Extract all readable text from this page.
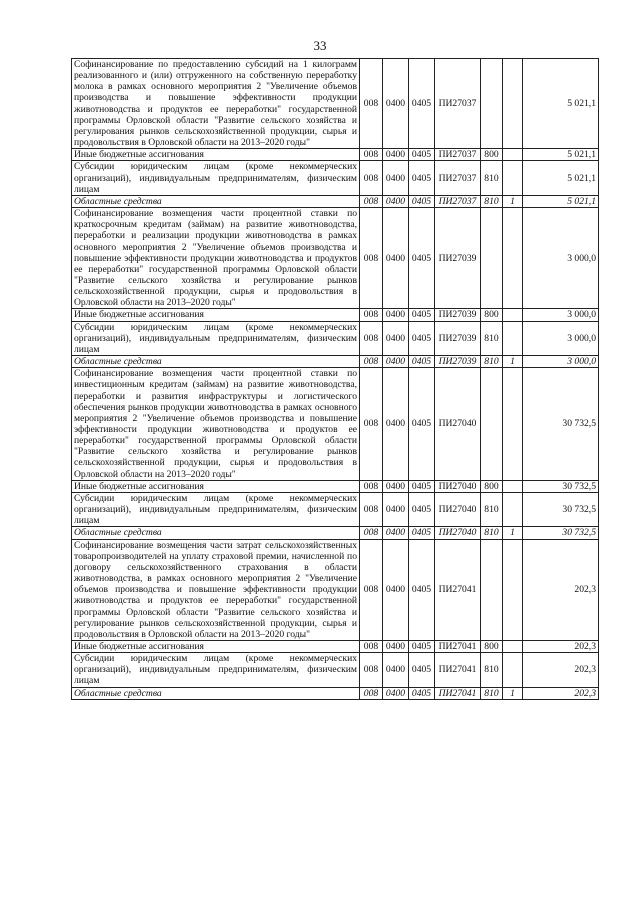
33
Софинансирование по предоставлению субсидий на 1 килограмм реализованного и (или) отгруженного на собственную переработку молока в рамках основного мероприятия 2 "Увеличение объемов производства и повышение эффективности продукции животноводства и продуктов ее переработки" государственной программы Орловской области "Развитие сельского хозяйства и регулирования рынков сельскохозяйственной продукции, сырья и продовольствия в Орловской области на 2013–2020 годы"	008	0400	0405	ПИ27037			5 021,1
Иные бюджетные ассигнования	008	0400	0405	ПИ27037	800		5 021,1
Субсидии юридическим лицам (кроме некоммерческих организаций), индивидуальным предпринимателям, физическим лицам	008	0400	0405	ПИ27037	810		5 021,1
Областные средства	008	0400	0405	ПИ27037	810	1	5 021,1
Софинансирование возмещения части процентной ставки по краткосрочным кредитам (займам) на развитие животноводства, переработки и реализации продукции животноводства в рамках основного мероприятия 2 "Увеличение объемов производства и повышение эффективности продукции животноводства и продуктов ее переработки" государственной программы Орловской области "Развитие сельского хозяйства и регулирование рынков сельскохозяйственной продукции, сырья и продовольствия в Орловской области на 2013–2020 годы"	008	0400	0405	ПИ27039			3 000,0
Иные бюджетные ассигнования	008	0400	0405	ПИ27039	800		3 000,0
Субсидии юридическим лицам (кроме некоммерческих организаций), индивидуальным предпринимателям, физическим лицам	008	0400	0405	ПИ27039	810		3 000,0
Областные средства	008	0400	0405	ПИ27039	810	1	3 000,0
Софинансирование возмещения части процентной ставки по инвестиционным кредитам (займам) на развитие животноводства, переработки и развития инфраструктуры и логистического обеспечения рынков продукции животноводства в рамках основного мероприятия 2 "Увеличение объемов производства и повышение эффективности продукции животноводства и продуктов ее переработки" государственной программы Орловской области "Развитие сельского хозяйства и регулирование рынков сельскохозяйственной продукции, сырья и продовольствия в Орловской области на 2013–2020 годы"	008	0400	0405	ПИ27040			30 732,5
Иные бюджетные ассигнования	008	0400	0405	ПИ27040	800		30 732,5
Субсидии юридическим лицам (кроме некоммерческих организаций), индивидуальным предпринимателям, физическим лицам	008	0400	0405	ПИ27040	810		30 732,5
Областные средства	008	0400	0405	ПИ27040	810	1	30 732,5
Софинансирование возмещения части затрат сельскохозяйственных товаропроизводителей на уплату страховой премии, начисленной по договору сельскохозяйственного страхования в области животноводства, в рамках основного мероприятия 2 "Увеличение объемов производства и повышение эффективности продукции животноводства и продуктов ее переработки" государственной программы Орловской области "Развитие сельского хозяйства и регулирование рынков сельскохозяйственной продукции, сырья и продовольствия в Орловской области на 2013–2020 годы"	008	0400	0405	ПИ27041			202,3
Иные бюджетные ассигнования	008	0400	0405	ПИ27041	800		202,3
Субсидии юридическим лицам (кроме некоммерческих организаций), индивидуальным предпринимателям, физическим лицам	008	0400	0405	ПИ27041	810		202,3
Областные средства	008	0400	0405	ПИ27041	810	1	202,3
